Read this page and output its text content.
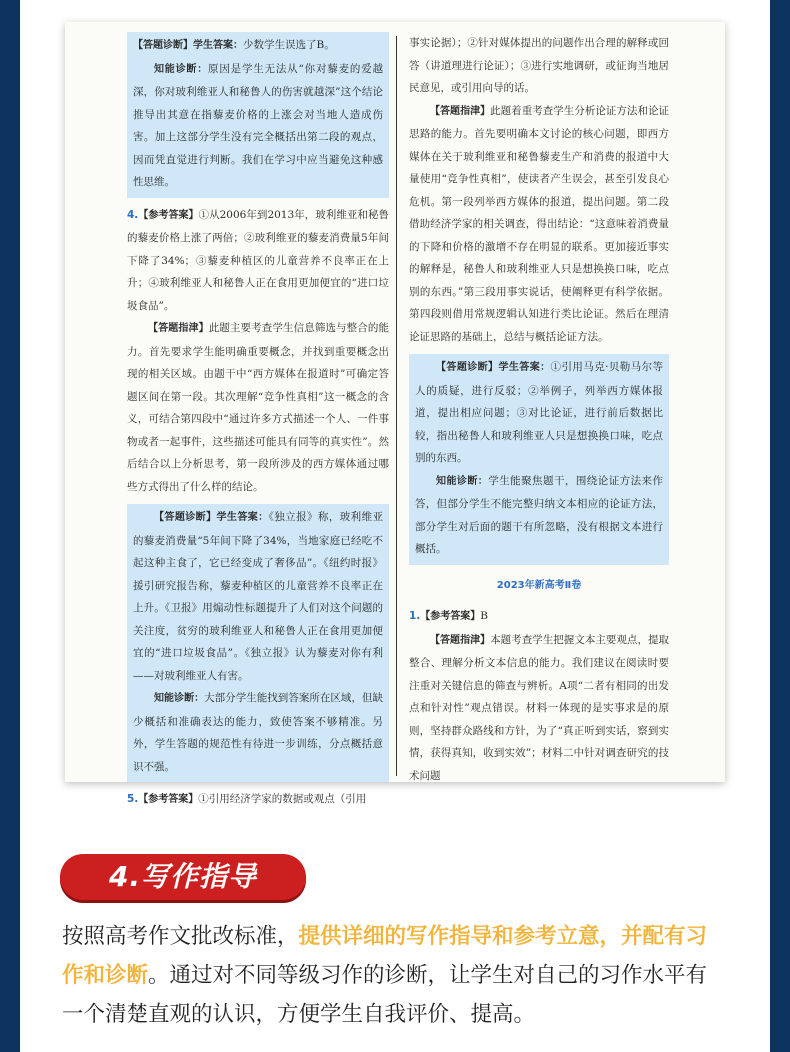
【答题诊断】学生答案：少数学生误选了B。

知能诊断：原因是学生无法从“你对藜麦的爱越深，你对玻利维亚人和秘鲁人的伤害就越深”这个结论推导出其意在指藜麦价格的上涨会对当地人造成伤害。加上这部分学生没有完全概括出第二段的观点，因而凭直觉进行判断。我们在学习中应当避免这种感性思维。

4.【参考答案】①从2006年到2013年，玻利维亚和秘鲁的藜麦价格上涨了两倍；②玻利维亚的藜麦消费量5年间下降了34%；③藜麦种植区的儿童营养不良率正在上升；④玻利维亚人和秘鲁人正在食用更加便宜的“进口垃圾食品”。

【答题指津】此题主要考查学生信息筛选与整合的能力。首先要求学生能明确重要概念，并找到重要概念出现的相关区域。由题干中“西方媒体在报道时”可确定答题区间在第一段。其次理解“竞争性真相”这一概念的含义，可结合第四段中“通过许多方式描述一个人、一件事物或者一起事件，这些描述可能具有同等的真实性”。然后结合以上分析思考，第一段所涉及的西方媒体通过哪些方式得出了什么样的结论。

【答题诊断】学生答案：《独立报》称，玻利维亚的藜麦消费量“5年间下降了34%，当地家庭已经吃不起这种主食了，它已经变成了奢侈品”。《纽约时报》援引研究报告称，藜麦种植区的儿童营养不良率正在上升。《卫报》用煽动性标题提升了人们对这个问题的关注度，贫穷的玻利维亚人和秘鲁人正在食用更加便宜的“进口垃圾食品”。《独立报》认为藜麦对你有利——对玻利维亚人有害。

知能诊断：大部分学生能找到答案所在区域，但缺少概括和准确表达的能力，致使答案不够精准。另外，学生答题的规范性有待进一步训练，分点概括意识不强。

5.【参考答案】①引用经济学家的数据或观点（引用

事实论据）；②针对媒体提出的问题作出合理的解释或回答（讲道理进行论证）；③进行实地调研，或征询当地居民意见，或引用向导的话。

【答题指津】此题着重考查学生分析论证方法和论证思路的能力。首先要明确本文讨论的核心问题，即西方媒体在关于玻利维亚和秘鲁藜麦生产和消费的报道中大量使用“竞争性真相”，使读者产生误会，甚至引发良心危机。第一段列举西方媒体的报道，提出问题。第二段借助经济学家的相关调查，得出结论：“这意味着消费量的下降和价格的激增不存在明显的联系。更加接近事实的解释是，秘鲁人和玻利维亚人只是想换换口味，吃点别的东西。”第三段用事实说话，使阐释更有科学依据。第四段则借用常规逻辑认知进行类比论证。然后在理清论证思路的基础上，总结与概括论证方法。

【答题诊断】学生答案：①引用马克·贝勒马尔等人的质疑，进行反驳；②举例子，列举西方媒体报道，提出相应问题；③对比论证，进行前后数据比较，指出秘鲁人和玻利维亚人只是想换换口味，吃点别的东西。

知能诊断：学生能聚焦题干，围绕论证方法来作答，但部分学生不能完整归纳文本相应的论证方法，部分学生对后面的题干有所忽略，没有根据文本进行概括。

2023年新高考Ⅱ卷

1.【参考答案】B

【答题指津】本题考查学生把握文本主要观点，提取整合、理解分析文本信息的能力。我们建议在阅读时要注重对关键信息的筛查与辨析。A项“二者有相同的出发点和针对性”观点错误。材料一体现的是实事求是的原则，坚持群众路线和方针，为了“真正听到实话，察到实情，获得真知，收到实效”；材料二中针对调查研究的技术问题

4.写作指导
按照高考作文批改标准，提供详细的写作指导和参考立意，并配有习作和诊断。通过对不同等级习作的诊断，让学生对自己的习作水平有一个清楚直观的认识，方便学生自我评价、提高。
